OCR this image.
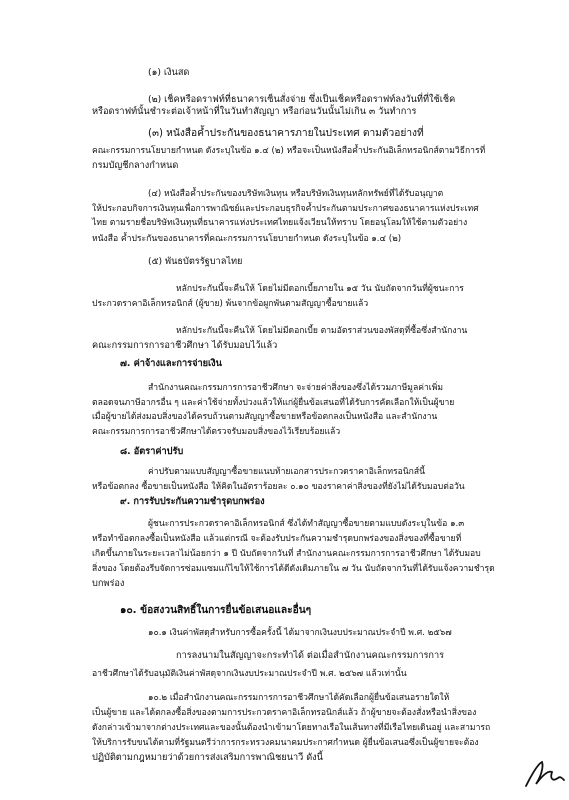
(๑) เงินสด
(๒) เช็คหรือดราฟท์ที่ธนาคารเซ็นสั่งจ่าย ซึ่งเป็นเช็คหรือดราฟท์ลงวันที่ที่ใช้เช็ค
หรือดราฟท์นั้นชำระต่อเจ้าหน้าที่ในวันทำสัญญา หรือก่อนวันนั้นไม่เกิน ๓ วันทำการ
(๓) หนังสือค้ำประกันของธนาคารภายในประเทศ ตามตัวอย่างที่
คณะกรรมการนโยบายกำหนด ดังระบุในข้อ ๑.๔ (๒) หรือจะเป็นหนังสือค้ำประกันอิเล็กทรอนิกส์ตามวิธีการที่
กรมบัญชีกลางกำหนด
(๔) หนังสือค้ำประกันของบริษัทเงินทุน หรือบริษัทเงินทุนหลักทรัพย์ที่ได้รับอนุญาต
ให้ประกอบกิจการเงินทุนเพื่อการพาณิชย์และประกอบธุรกิจค้ำประกันตามประกาศของธนาคารแห่งประเทศ
ไทย ตามรายชื่อบริษัทเงินทุนที่ธนาคารแห่งประเทศไทยแจ้งเวียนให้ทราบ โดยอนุโลมให้ใช้ตามตัวอย่าง
หนังสือ ค้ำประกันของธนาคารที่คณะกรรมการนโยบายกำหนด ดังระบุในข้อ ๑.๔ (๒)
(๕) พันธบัตรรัฐบาลไทย
หลักประกันนี้จะคืนให้ โดยไม่มีดอกเบี้ยภายใน ๑๕ วัน นับถัดจากวันที่ผู้ชนะการ
ประกวดราคาอิเล็กทรอนิกส์ (ผู้ขาย) พ้นจากข้อผูกพันตามสัญญาซื้อขายแล้ว
หลักประกันนี้จะคืนให้ โดยไม่มีดอกเบี้ย ตามอัตราส่วนของพัสดุที่ซื้อซึ่งสำนักงาน
คณะกรรมการการอาชีวศึกษา ได้รับมอบไว้แล้ว
๗. ค่าจ้างและการจ่ายเงิน
สำนักงานคณะกรรมการการอาชีวศึกษา จะจ่ายค่าสิ่งของซึ่งได้รวมภาษีมูลค่าเพิ่ม
ตลอดจนภาษีอากรอื่น ๆ และค่าใช้จ่ายทั้งปวงแล้วให้แก่ผู้ยื่นข้อเสนอที่ได้รับการคัดเลือกให้เป็นผู้ขาย
เมื่อผู้ขายได้ส่งมอบสิ่งของได้ครบถ้วนตามสัญญาซื้อขายหรือข้อตกลงเป็นหนังสือ และสำนักงาน
คณะกรรมการการอาชีวศึกษาได้ตรวจรับมอบสิ่งของไว้เรียบร้อยแล้ว
๘. อัตราค่าปรับ
ค่าปรับตามแบบสัญญาซื้อขายแนบท้ายเอกสารประกวดราคาอิเล็กทรอนิกส์นี้
หรือข้อตกลง ซื้อขายเป็นหนังสือ ให้คิดในอัตราร้อยละ ๐.๑๐ ของราคาค่าสิ่งของที่ยังไม่ได้รับมอบต่อวัน
๙. การรับประกันความชำรุดบกพร่อง
ผู้ชนะการประกวดราคาอิเล็กทรอนิกส์ ซึ่งได้ทำสัญญาซื้อขายตามแบบดังระบุในข้อ ๑.๓
หรือทำข้อตกลงซื้อเป็นหนังสือ แล้วแต่กรณี จะต้องรับประกันความชำรุดบกพร่องของสิ่งของที่ซื้อขายที่
เกิดขึ้นภายในระยะเวลาไม่น้อยกว่า ๑ ปี นับถัดจากวันที่ สำนักงานคณะกรรมการการอาชีวศึกษา ได้รับมอบ
สิ่งของ โดยต้องรีบจัดการซ่อมแซมแก้ไขให้ใช้การได้ดีดังเดิมภายใน ๗ วัน นับถัดจากวันที่ได้รับแจ้งความชำรุด
บกพร่อง
๑๐. ข้อสงวนสิทธิ์ในการยื่นข้อเสนอและอื่นๆ
๑๐.๑ เงินค่าพัสดุสำหรับการซื้อครั้งนี้ ได้มาจากเงินงบประมาณประจำปี พ.ศ. ๒๕๖๗
การลงนามในสัญญาจะกระทำได้ ต่อเมื่อสำนักงานคณะกรรมการการ
อาชีวศึกษาได้รับอนุมัติเงินค่าพัสดุจากเงินงบประมาณประจำปี พ.ศ. ๒๕๖๗ แล้วเท่านั้น
๑๐.๒ เมื่อสำนักงานคณะกรรมการการอาชีวศึกษาได้คัดเลือกผู้ยื่นข้อเสนอรายใดให้
เป็นผู้ขาย และได้ตกลงซื้อสิ่งของตามการประกวดราคาอิเล็กทรอนิกส์แล้ว ถ้าผู้ขายจะต้องสั่งหรือนำสิ่งของ
ดังกล่าวเข้ามาจากต่างประเทศและของนั้นต้องนำเข้ามาโดยทางเรือในเส้นทางที่มีเรือไทยเดินอยู่ และสามารถ
ให้บริการรับขนได้ตามที่รัฐมนตรีว่าการกระทรวงคมนาคมประกาศกำหนด ผู้ยื่นข้อเสนอซึ่งเป็นผู้ขายจะต้อง
ปฏิบัติตามกฎหมายว่าด้วยการส่งเสริมการพาณิชยนาวี ดังนี้
